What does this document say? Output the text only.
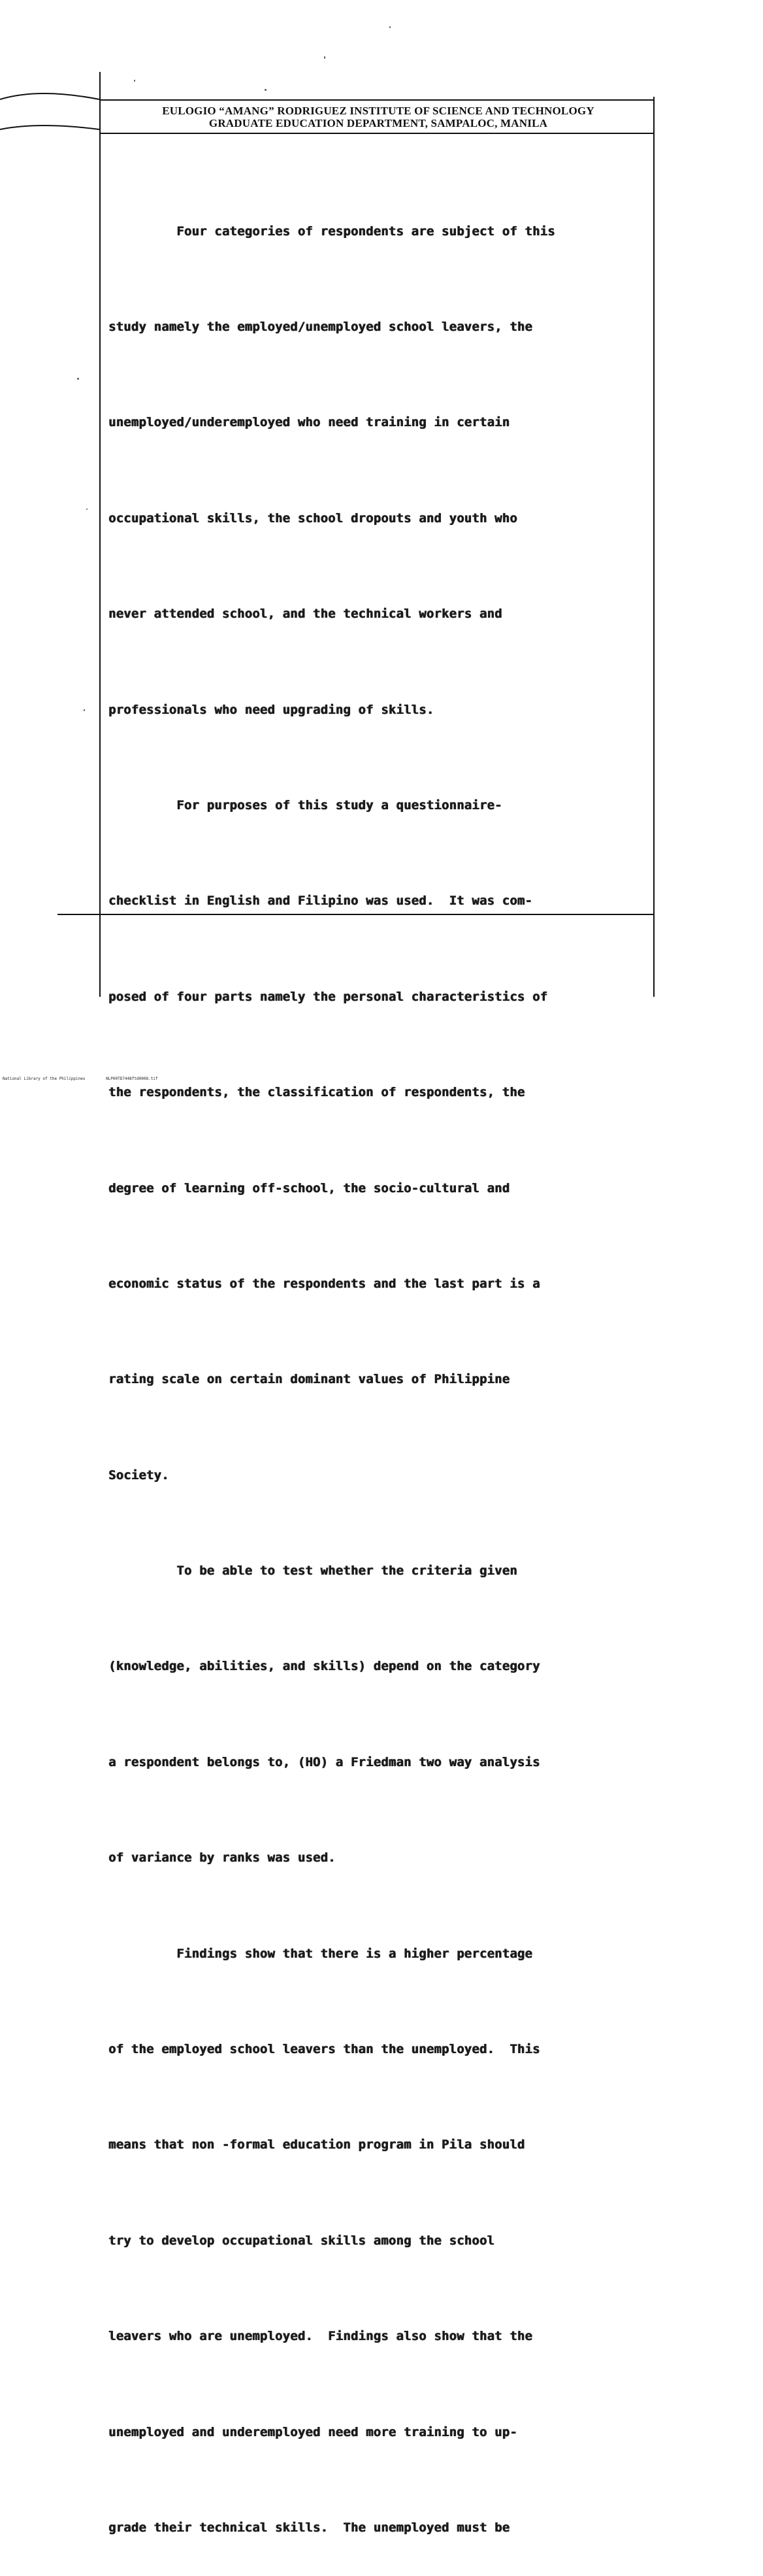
EULOGIO “AMANG” RODRIGUEZ INSTITUTE OF SCIENCE AND TECHNOLOGY
GRADUATE EDUCATION DEPARTMENT, SAMPALOC, MANILA

Four categories of respondents are subject of this

study namely the employed/unemployed school leavers, the

unemployed/underemployed who need training in certain

occupational skills, the school dropouts and youth who

never attended school, and the technical workers and

professionals who need upgrading of skills.

For purposes of this study a questionnaire-

checklist in English and Filipino was used.  It was com-

posed of four parts namely the personal characteristics of

the respondents, the classification of respondents, the

degree of learning off-school, the socio-cultural and

economic status of the respondents and the last part is a

rating scale on certain dominant values of Philippine

Society.

To be able to test whether the criteria given

(knowledge, abilities, and skills) depend on the category

a respondent belongs to, (HO) a Friedman two way analysis

of variance by ranks was used.

Findings show that there is a higher percentage

of the employed school leavers than the unemployed.  This

means that non -formal education program in Pila should

try to develop occupational skills among the school

leavers who are unemployed.  Findings also show that the

unemployed and underemployed need more training to up-

grade their technical skills.  The unemployed must be

National Library of the Philippines	NLP00TD7448ftd0008.tif
